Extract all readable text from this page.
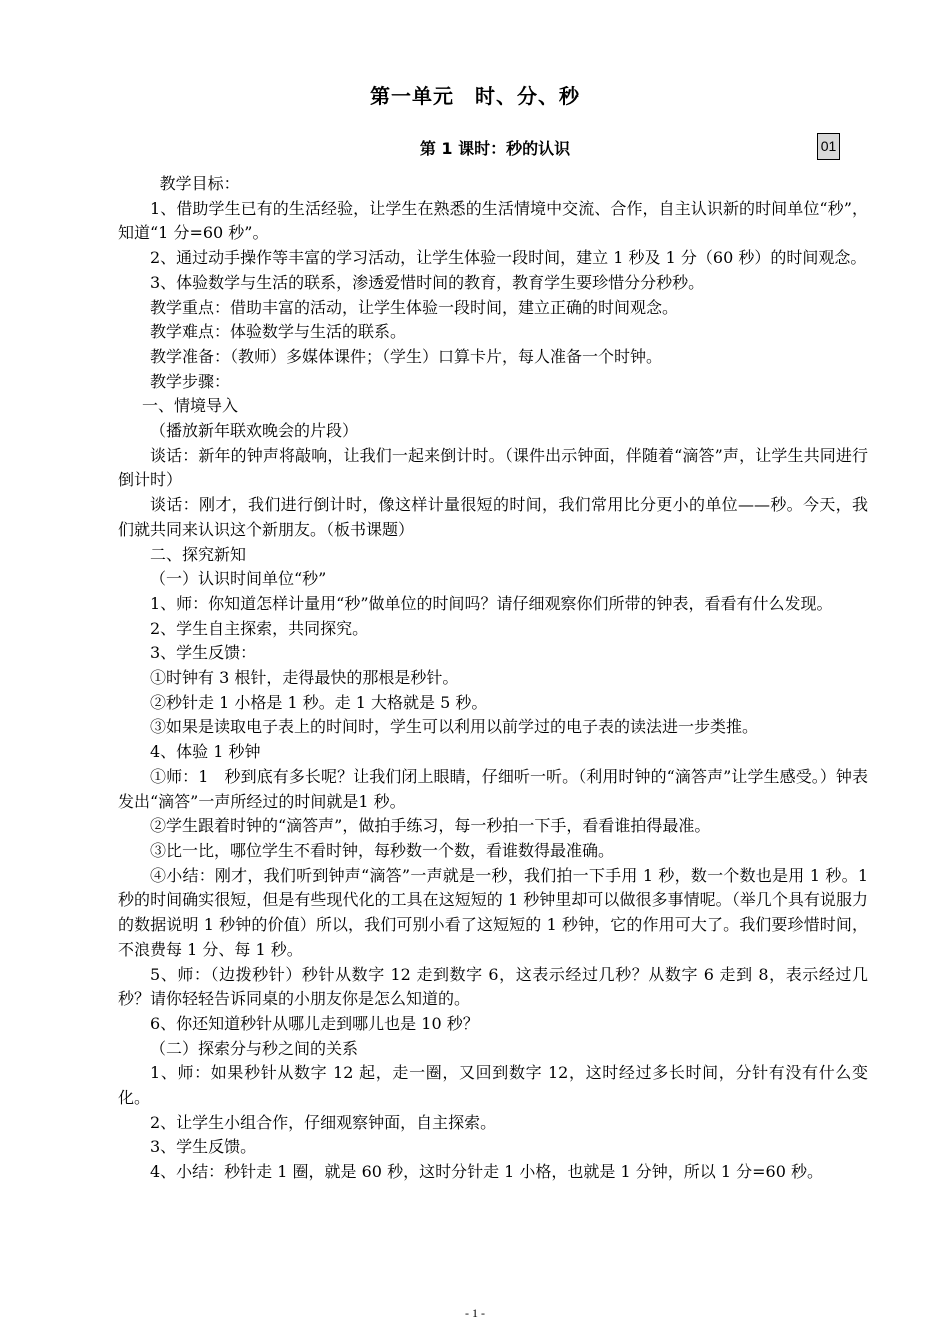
第一单元　时、分、秒
第 1 课时：秒的认识	01

教学目标：

1、借助学生已有的生活经验，让学生在熟悉的生活情境中交流、合作，自主认识新的时间单位“秒”，知道“1 分=60 秒”。

2、通过动手操作等丰富的学习活动，让学生体验一段时间，建立 1 秒及 1 分（60 秒）的时间观念。

3、体验数学与生活的联系，渗透爱惜时间的教育，教育学生要珍惜分分秒秒。

教学重点：借助丰富的活动，让学生体验一段时间，建立正确的时间观念。

教学难点：体验数学与生活的联系。

教学准备：（教师）多媒体课件；（学生）口算卡片，每人准备一个时钟。

教学步骤：

一、情境导入

（播放新年联欢晚会的片段）

谈话：新年的钟声将敲响，让我们一起来倒计时。（课件出示钟面，伴随着“滴答”声，让学生共同进行倒计时）

谈话：刚才，我们进行倒计时，像这样计量很短的时间，我们常用比分更小的单位——秒。今天，我们就共同来认识这个新朋友。（板书课题）

二、探究新知

（一）认识时间单位“秒”

1、师：你知道怎样计量用“秒”做单位的时间吗？请仔细观察你们所带的钟表，看看有什么发现。

2、学生自主探索，共同探究。

3、学生反馈：

①时钟有 3 根针，走得最快的那根是秒针。

②秒针走 1 小格是 1 秒。走 1 大格就是 5 秒。

③如果是读取电子表上的时间时，学生可以利用以前学过的电子表的读法进一步类推。

4、体验 1 秒钟

①师：1　秒到底有多长呢？让我们闭上眼睛，仔细听一听。（利用时钟的“滴答声”让学生感受。）钟表发出“滴答”一声所经过的时间就是1 秒。

②学生跟着时钟的“滴答声”，做拍手练习，每一秒拍一下手，看看谁拍得最准。

③比一比，哪位学生不看时钟，每秒数一个数，看谁数得最准确。

④小结：刚才，我们听到钟声“滴答”一声就是一秒，我们拍一下手用 1 秒，数一个数也是用 1 秒。1 秒的时间确实很短，但是有些现代化的工具在这短短的 1 秒钟里却可以做很多事情呢。（举几个具有说服力的数据说明 1 秒钟的价值）所以，我们可别小看了这短短的 1 秒钟，它的作用可大了。我们要珍惜时间，不浪费每 1 分、每 1 秒。

5、师：（边拨秒针）秒针从数字 12 走到数字 6，这表示经过几秒？从数字 6 走到 8，表示经过几秒？请你轻轻告诉同桌的小朋友你是怎么知道的。

6、你还知道秒针从哪儿走到哪儿也是 10 秒？

（二）探索分与秒之间的关系

1、师：如果秒针从数字 12 起，走一圈，又回到数字 12，这时经过多长时间，分针有没有什么变化。

2、让学生小组合作，仔细观察钟面，自主探索。

3、学生反馈。

4、小结：秒针走 1 圈，就是 60 秒，这时分针走 1 小格，也就是 1 分钟，所以 1 分=60 秒。

- 1 -
